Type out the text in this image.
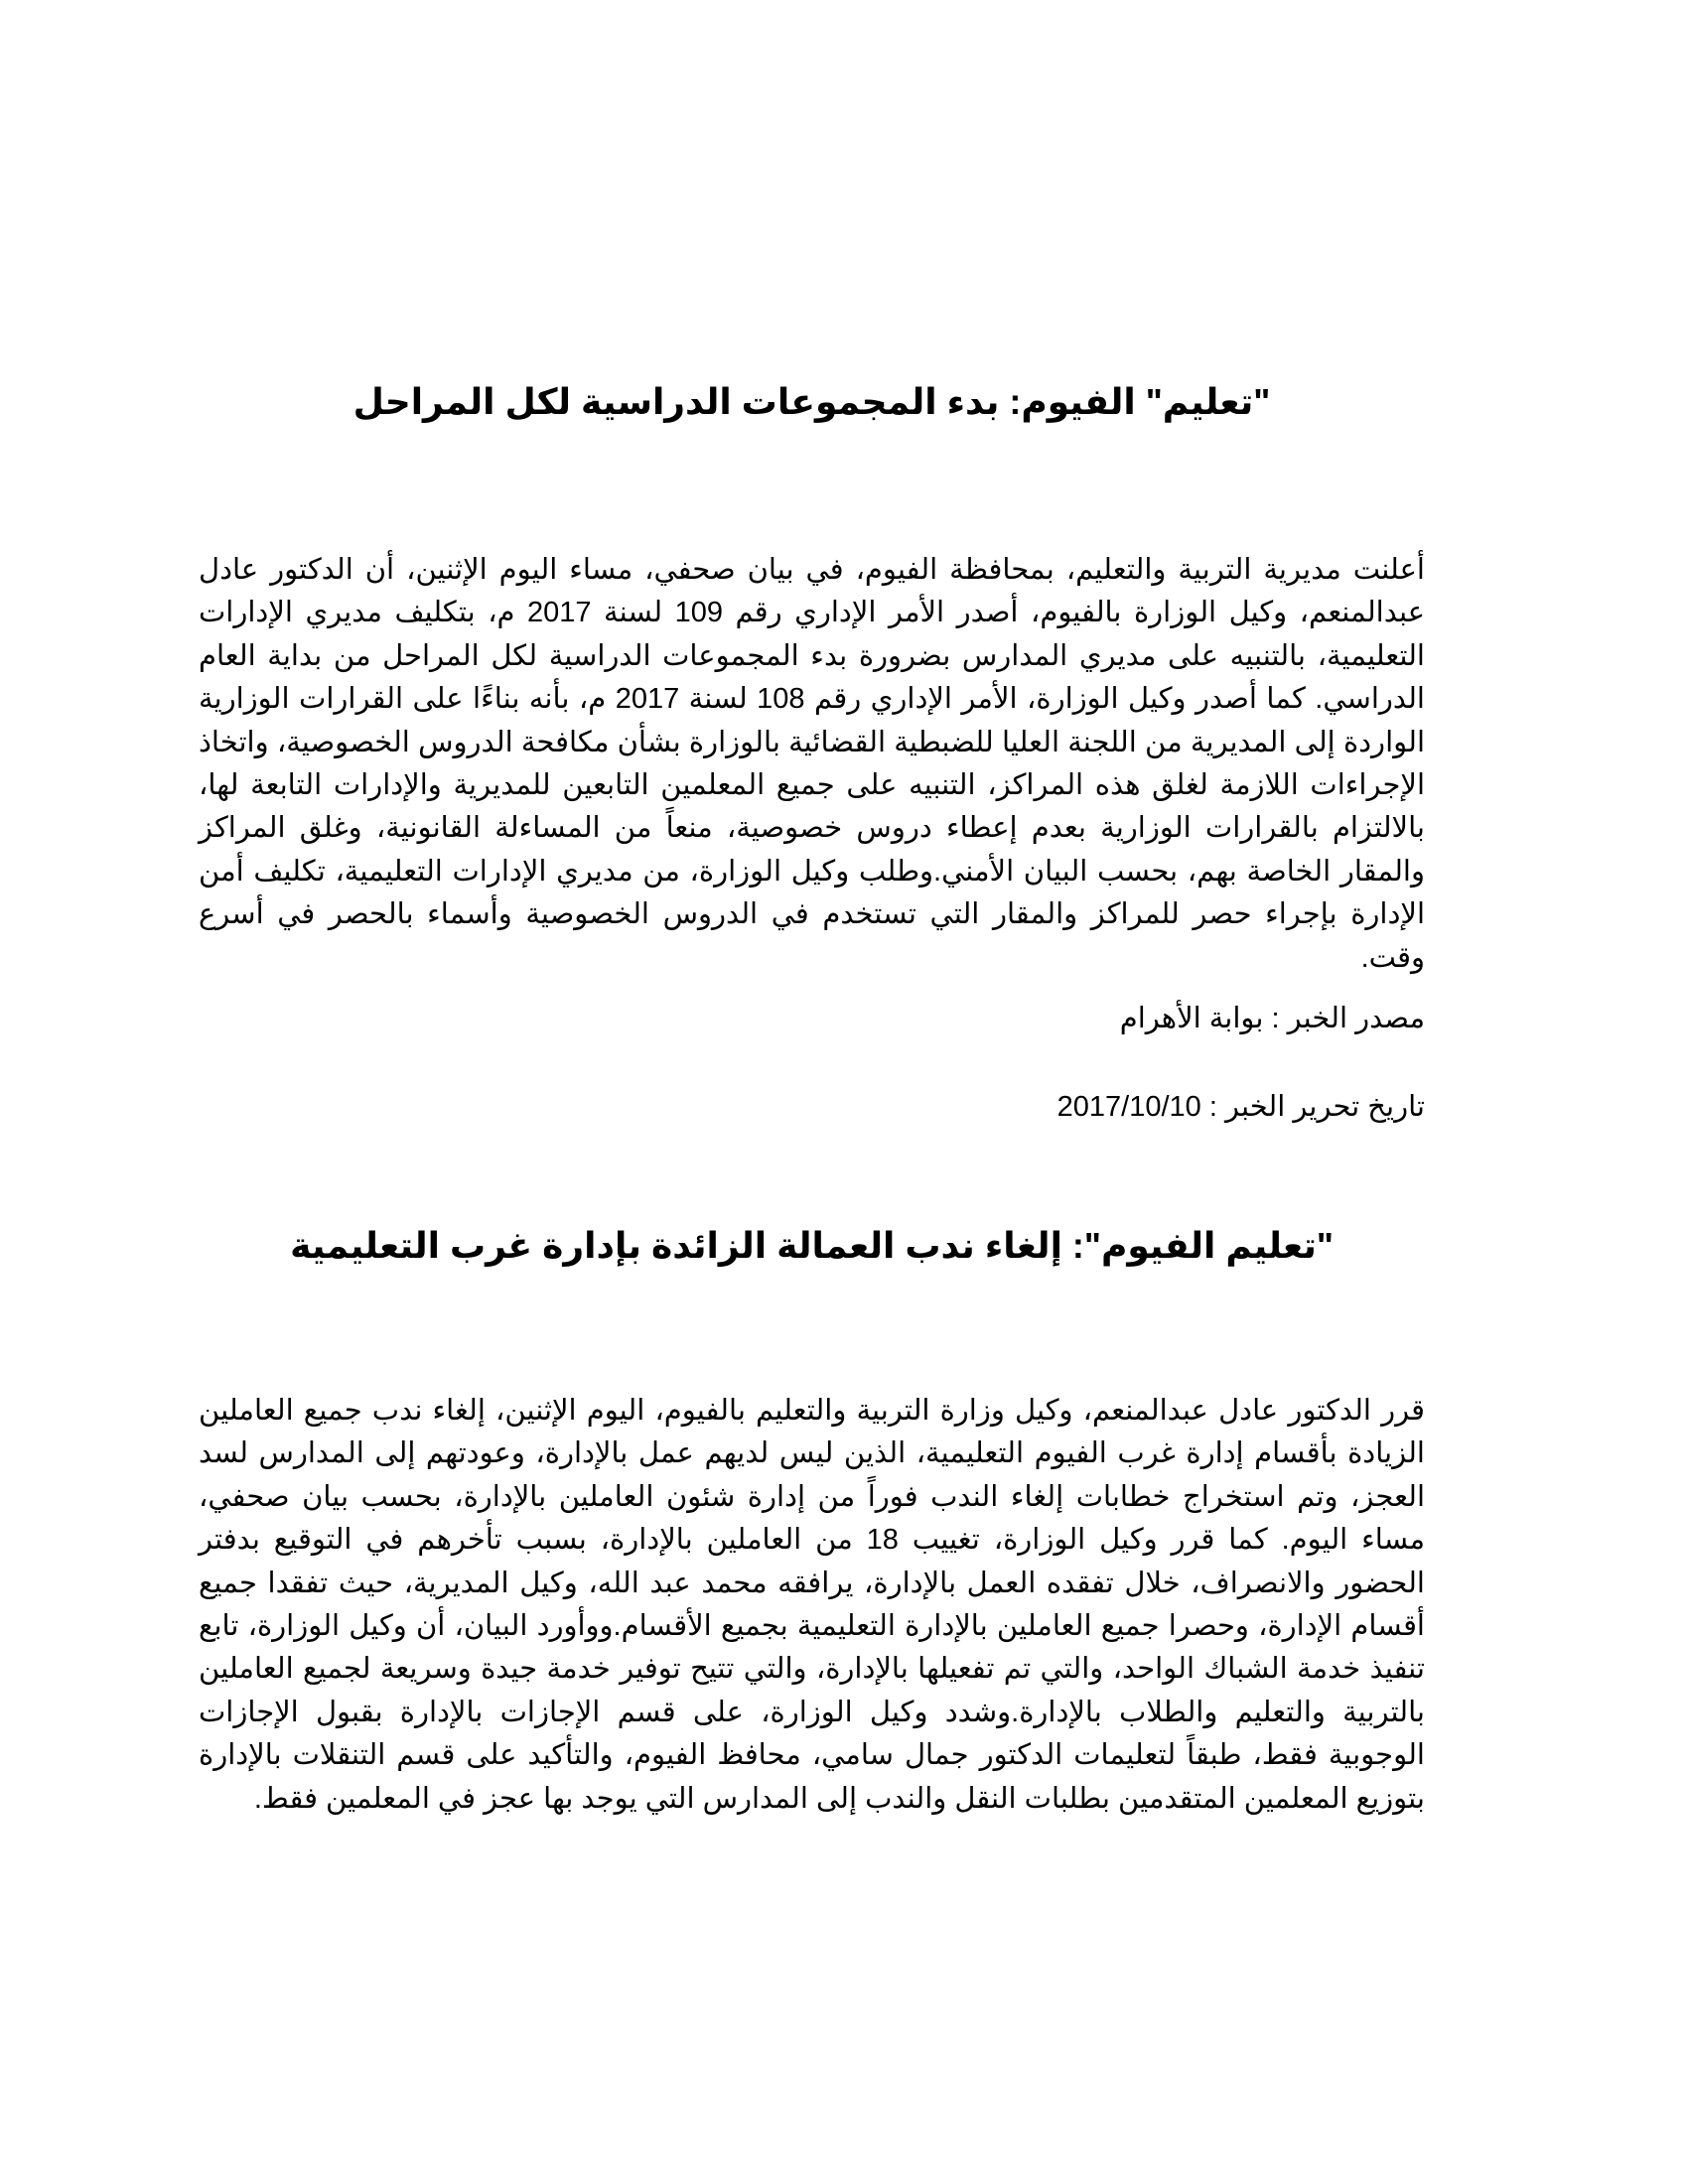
"تعليم" الفيوم: بدء المجموعات الدراسية لكل المراحل

أعلنت مديرية التربية والتعليم، بمحافظة الفيوم، في بيان صحفي، مساء اليوم الإثنين، أن الدكتور عادل عبدالمنعم، وكيل الوزارة بالفيوم، أصدر الأمر الإداري رقم 109 لسنة 2017 م، بتكليف مديري الإدارات التعليمية، بالتنبيه على مديري المدارس بضرورة بدء المجموعات الدراسية لكل المراحل من بداية العام الدراسي. كما أصدر وكيل الوزارة، الأمر الإداري رقم 108 لسنة 2017 م، بأنه بناءًا على القرارات الوزارية الواردة إلى المديرية من اللجنة العليا للضبطية القضائية بالوزارة بشأن مكافحة الدروس الخصوصية، واتخاذ الإجراءات اللازمة لغلق هذه المراكز، التنبيه على جميع المعلمين التابعين للمديرية والإدارات التابعة لها، بالالتزام بالقرارات الوزارية بعدم إعطاء دروس خصوصية، منعاً من المساءلة القانونية، وغلق المراكز والمقار الخاصة بهم، بحسب البيان الأمني.وطلب وكيل الوزارة، من مديري الإدارات التعليمية، تكليف أمن الإدارة بإجراء حصر للمراكز والمقار التي تستخدم في الدروس الخصوصية وأسماء بالحصر في أسرع وقت.

مصدر الخبر : بوابة الأهرام

تاريخ تحرير الخبر : 2017/10/10

"تعليم الفيوم": إلغاء ندب العمالة الزائدة بإدارة غرب التعليمية

قرر الدكتور عادل عبدالمنعم، وكيل وزارة التربية والتعليم بالفيوم، اليوم الإثنين، إلغاء ندب جميع العاملين الزيادة بأقسام إدارة غرب الفيوم التعليمية، الذين ليس لديهم عمل بالإدارة، وعودتهم إلى المدارس لسد العجز، وتم استخراج خطابات إلغاء الندب فوراً من إدارة شئون العاملين بالإدارة، بحسب بيان صحفي، مساء اليوم. كما قرر وكيل الوزارة، تغييب 18 من العاملين بالإدارة، بسبب تأخرهم في التوقيع بدفتر الحضور والانصراف، خلال تفقده العمل بالإدارة، يرافقه محمد عبد الله، وكيل المديرية، حيث تفقدا جميع أقسام الإدارة، وحصرا جميع العاملين بالإدارة التعليمية بجميع الأقسام.ووأورد البيان، أن وكيل الوزارة، تابع تنفيذ خدمة الشباك الواحد، والتي تم تفعيلها بالإدارة، والتي تتيح توفير خدمة جيدة وسريعة لجميع العاملين بالتربية والتعليم والطلاب بالإدارة.وشدد وكيل الوزارة، على قسم الإجازات بالإدارة بقبول الإجازات الوجوبية فقط، طبقاً لتعليمات الدكتور جمال سامي، محافظ الفيوم، والتأكيد على قسم التنقلات بالإدارة بتوزيع المعلمين المتقدمين بطلبات النقل والندب إلى المدارس التي يوجد بها عجز في المعلمين فقط.
